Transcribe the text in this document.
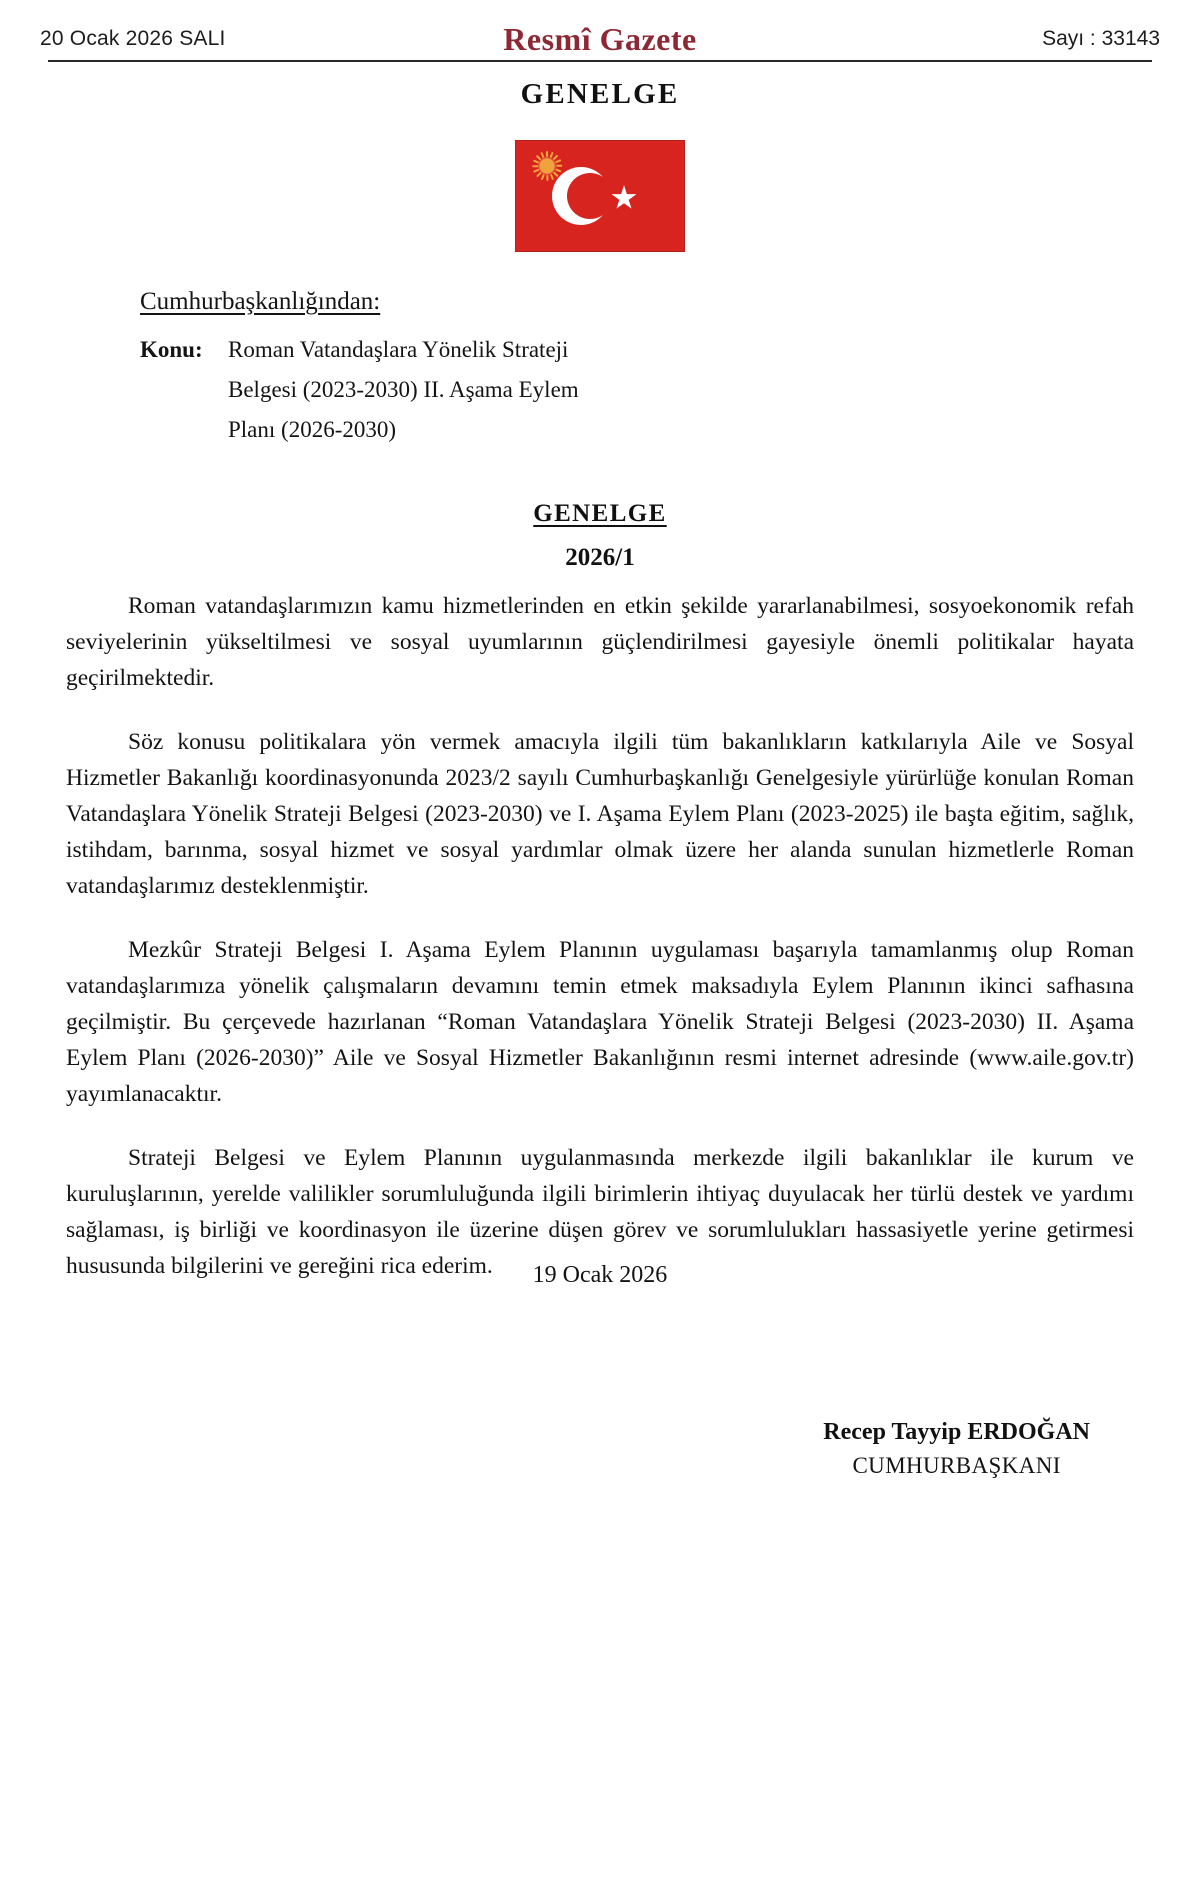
20 Ocak 2026 SALI	Resmî Gazete	Sayı : 33143
GENELGE
Cumhurbaşkanlığından:
Konu:	Roman Vatandaşlara Yönelik Strateji
Belgesi (2023-2030) II. Aşama Eylem
Planı (2026-2030)
GENELGE
2026/1

Roman vatandaşlarımızın kamu hizmetlerinden en etkin şekilde yararlanabilmesi, sosyoekonomik refah seviyelerinin yükseltilmesi ve sosyal uyumlarının güçlendirilmesi gayesiyle önemli politikalar hayata geçirilmektedir.

Söz konusu politikalara yön vermek amacıyla ilgili tüm bakanlıkların katkılarıyla Aile ve Sosyal Hizmetler Bakanlığı koordinasyonunda 2023/2 sayılı Cumhurbaşkanlığı Genelgesiyle yürürlüğe konulan Roman Vatandaşlara Yönelik Strateji Belgesi (2023-2030) ve I. Aşama Eylem Planı (2023-2025) ile başta eğitim, sağlık, istihdam, barınma, sosyal hizmet ve sosyal yardımlar olmak üzere her alanda sunulan hizmetlerle Roman vatandaşlarımız desteklenmiştir.

Mezkûr Strateji Belgesi I. Aşama Eylem Planının uygulaması başarıyla tamamlanmış olup Roman vatandaşlarımıza yönelik çalışmaların devamını temin etmek maksadıyla Eylem Planının ikinci safhasına geçilmiştir. Bu çerçevede hazırlanan “Roman Vatandaşlara Yönelik Strateji Belgesi (2023-2030) II. Aşama Eylem Planı (2026-2030)” Aile ve Sosyal Hizmetler Bakanlığının resmi internet adresinde (www.aile.gov.tr) yayımlanacaktır.

Strateji Belgesi ve Eylem Planının uygulanmasında merkezde ilgili bakanlıklar ile kurum ve kuruluşlarının, yerelde valilikler sorumluluğunda ilgili birimlerin ihtiyaç duyulacak her türlü destek ve yardımı sağlaması, iş birliği ve koordinasyon ile üzerine düşen görev ve sorumlulukları hassasiyetle yerine getirmesi hususunda bilgilerini ve gereğini rica ederim.	19 Ocak 2026
Recep Tayyip ERDOĞAN
CUMHURBAŞKANI
